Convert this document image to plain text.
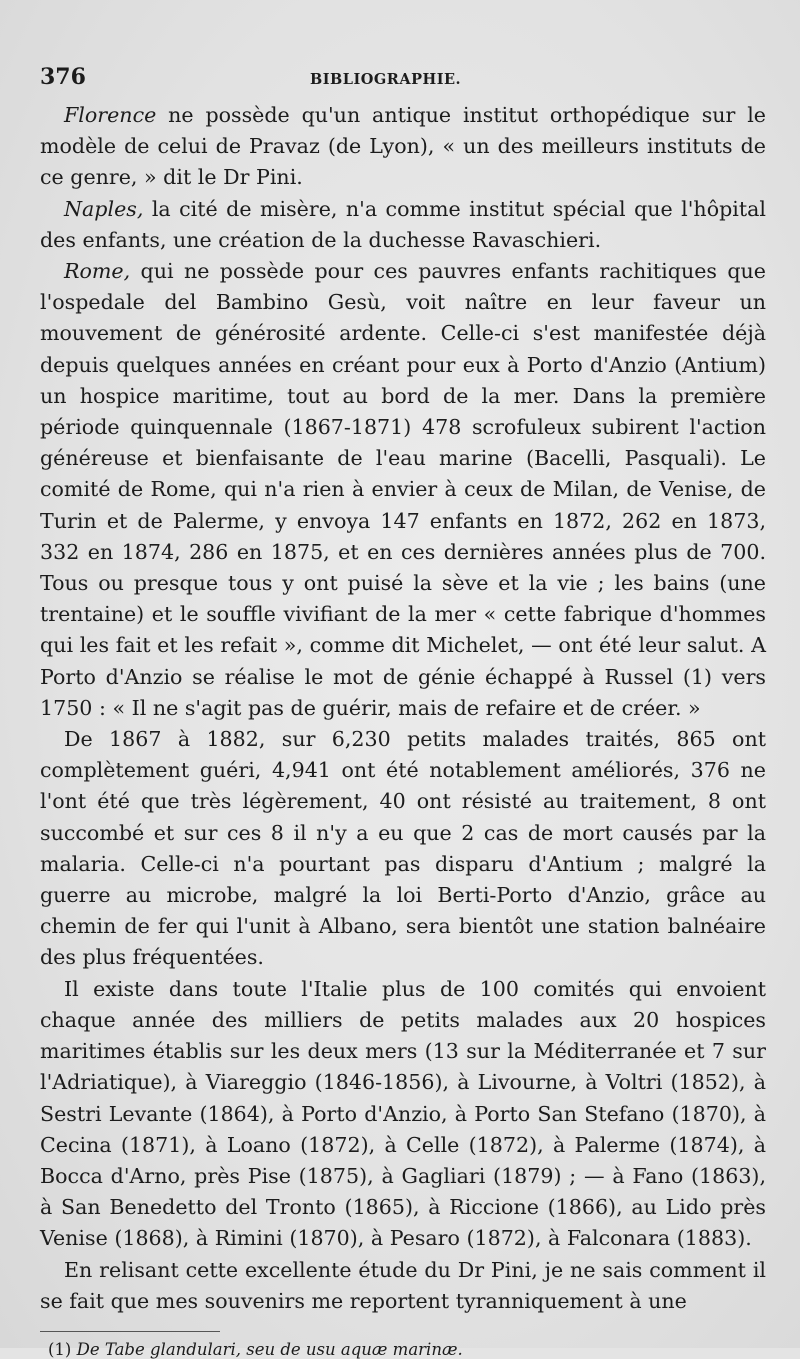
376	BIBLIOGRAPHIE.

Florence ne possède qu'un antique institut orthopédique sur le modèle de celui de Pravaz (de Lyon), « un des meilleurs instituts de ce genre, » dit le Dr Pini.

Naples, la cité de misère, n'a comme institut spécial que l'hôpital des enfants, une création de la duchesse Ravaschieri.

Rome, qui ne possède pour ces pauvres enfants rachitiques que l'ospedale del Bambino Gesù, voit naître en leur faveur un mouvement de générosité ardente. Celle-ci s'est manifestée déjà depuis quelques années en créant pour eux à Porto d'Anzio (Antium) un hospice maritime, tout au bord de la mer. Dans la première période quinquennale (1867-1871) 478 scrofuleux subirent l'action généreuse et bienfaisante de l'eau marine (Bacelli, Pasquali). Le comité de Rome, qui n'a rien à envier à ceux de Milan, de Venise, de Turin et de Palerme, y envoya 147 enfants en 1872, 262 en 1873, 332 en 1874, 286 en 1875, et en ces dernières années plus de 700. Tous ou presque tous y ont puisé la sève et la vie ; les bains (une trentaine) et le souffle vivifiant de la mer « cette fabrique d'hommes qui les fait et les refait », comme dit Michelet, — ont été leur salut. A Porto d'Anzio se réalise le mot de génie échappé à Russel (1) vers 1750 : « Il ne s'agit pas de guérir, mais de refaire et de créer. »

De 1867 à 1882, sur 6,230 petits malades traités, 865 ont complètement guéri, 4,941 ont été notablement améliorés, 376 ne l'ont été que très légèrement, 40 ont résisté au traitement, 8 ont succombé et sur ces 8 il n'y a eu que 2 cas de mort causés par la malaria. Celle-ci n'a pourtant pas disparu d'Antium ; malgré la guerre au microbe, malgré la loi Berti-Porto d'Anzio, grâce au chemin de fer qui l'unit à Albano, sera bientôt une station balnéaire des plus fréquentées.

Il existe dans toute l'Italie plus de 100 comités qui envoient chaque année des milliers de petits malades aux 20 hospices maritimes établis sur les deux mers (13 sur la Méditerranée et 7 sur l'Adriatique), à Viareggio (1846-1856), à Livourne, à Voltri (1852), à Sestri Levante (1864), à Porto d'Anzio, à Porto San Stefano (1870), à Cecina (1871), à Loano (1872), à Celle (1872), à Palerme (1874), à Bocca d'Arno, près Pise (1875), à Gagliari (1879) ; — à Fano (1863), à San Benedetto del Tronto (1865), à Riccione (1866), au Lido près Venise (1868), à Rimini (1870), à Pesaro (1872), à Falconara (1883).

En relisant cette excellente étude du Dr Pini, je ne sais comment il se fait que mes souvenirs me reportent tyranniquement à une

(1) De Tabe glandulari, seu de usu aquæ marinæ.
